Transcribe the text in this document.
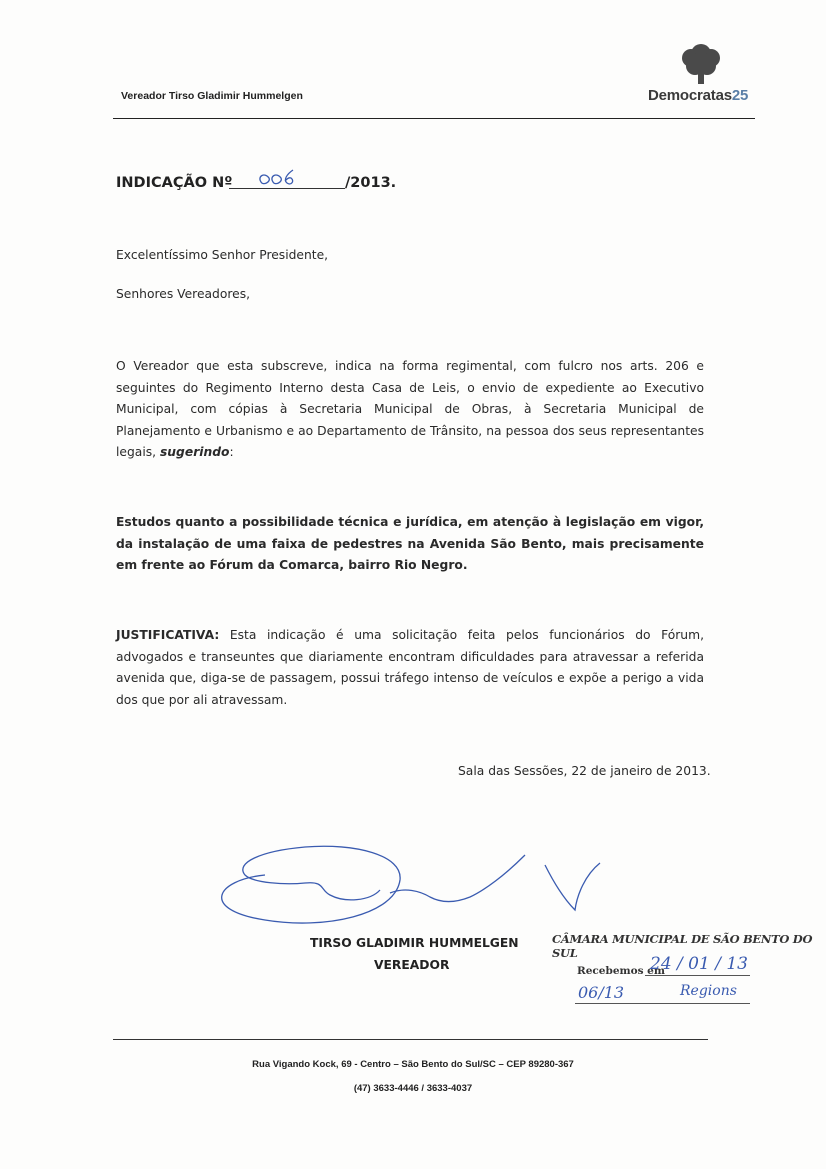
Vereador Tirso Gladimir Hummelgen	Democratas25
INDICAÇÃO Nº	/2013.
Excelentíssimo Senhor Presidente,
Senhores Vereadores,
O Vereador que esta subscreve, indica na forma regimental, com fulcro nos arts. 206 e seguintes do Regimento Interno desta Casa de Leis, o envio de expediente ao Executivo Municipal, com cópias à Secretaria Municipal de Obras, à Secretaria Municipal de Planejamento e Urbanismo e ao Departamento de Trânsito, na pessoa dos seus representantes legais, sugerindo:
Estudos quanto a possibilidade técnica e jurídica, em atenção à legislação em vigor, da instalação de uma faixa de pedestres na Avenida São Bento, mais precisamente em frente ao Fórum da Comarca, bairro Rio Negro.
JUSTIFICATIVA: Esta indicação é uma solicitação feita pelos funcionários do Fórum, advogados e transeuntes que diariamente encontram dificuldades para atravessar a referida avenida que, diga-se de passagem, possui tráfego intenso de veículos e expõe a perigo a vida dos que por ali atravessam.
Sala das Sessões, 22 de janeiro de 2013.
TIRSO GLADIMIR HUMMELGEN
VEREADOR
CÂMARA MUNICIPAL DE SÃO BENTO DO SUL
Recebemos em
24 / 01 / 13
06/13	Regions
Rua Vigando Kock, 69 - Centro – São Bento do Sul/SC – CEP 89280-367
(47) 3633-4446 / 3633-4037
